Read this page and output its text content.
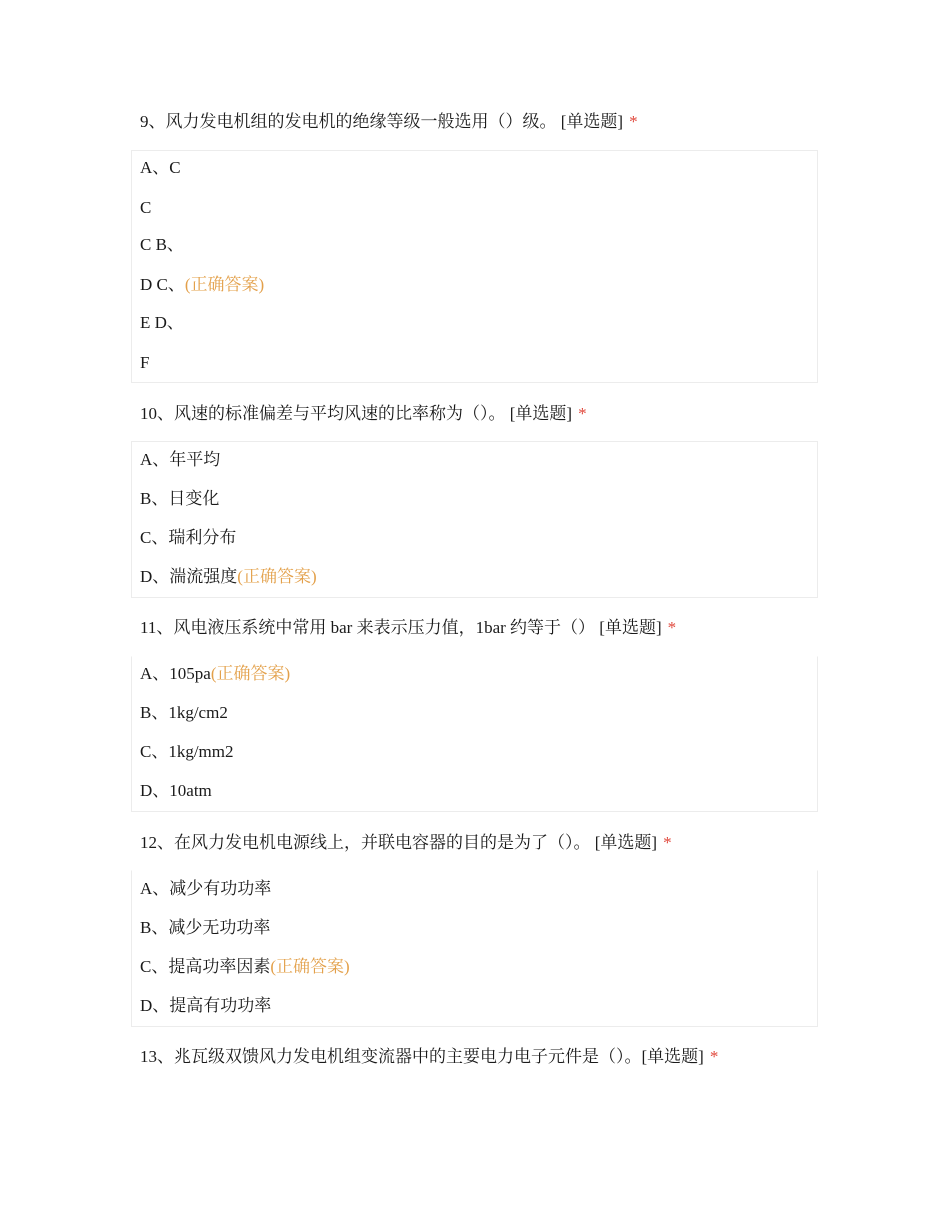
9、风力发电机组的发电机的绝缘等级一般选用（）级。 [单选题] *
A、C
C
C B、
D C、(正确答案)
E D、
F
10、风速的标准偏差与平均风速的比率称为（）。 [单选题] *
A、年平均
B、日变化
C、瑞利分布
D、湍流强度(正确答案)
11、风电液压系统中常用 bar 来表示压力值，1bar 约等于（） [单选题] *
A、105pa(正确答案)
B、1kg/cm2
C、1kg/mm2
D、10atm
12、在风力发电机电源线上，并联电容器的目的是为了（）。 [单选题] *
A、减少有功功率
B、减少无功功率
C、提高功率因素(正确答案)
D、提高有功功率
13、兆瓦级双馈风力发电机组变流器中的主要电力电子元件是（）。[单选题] *
